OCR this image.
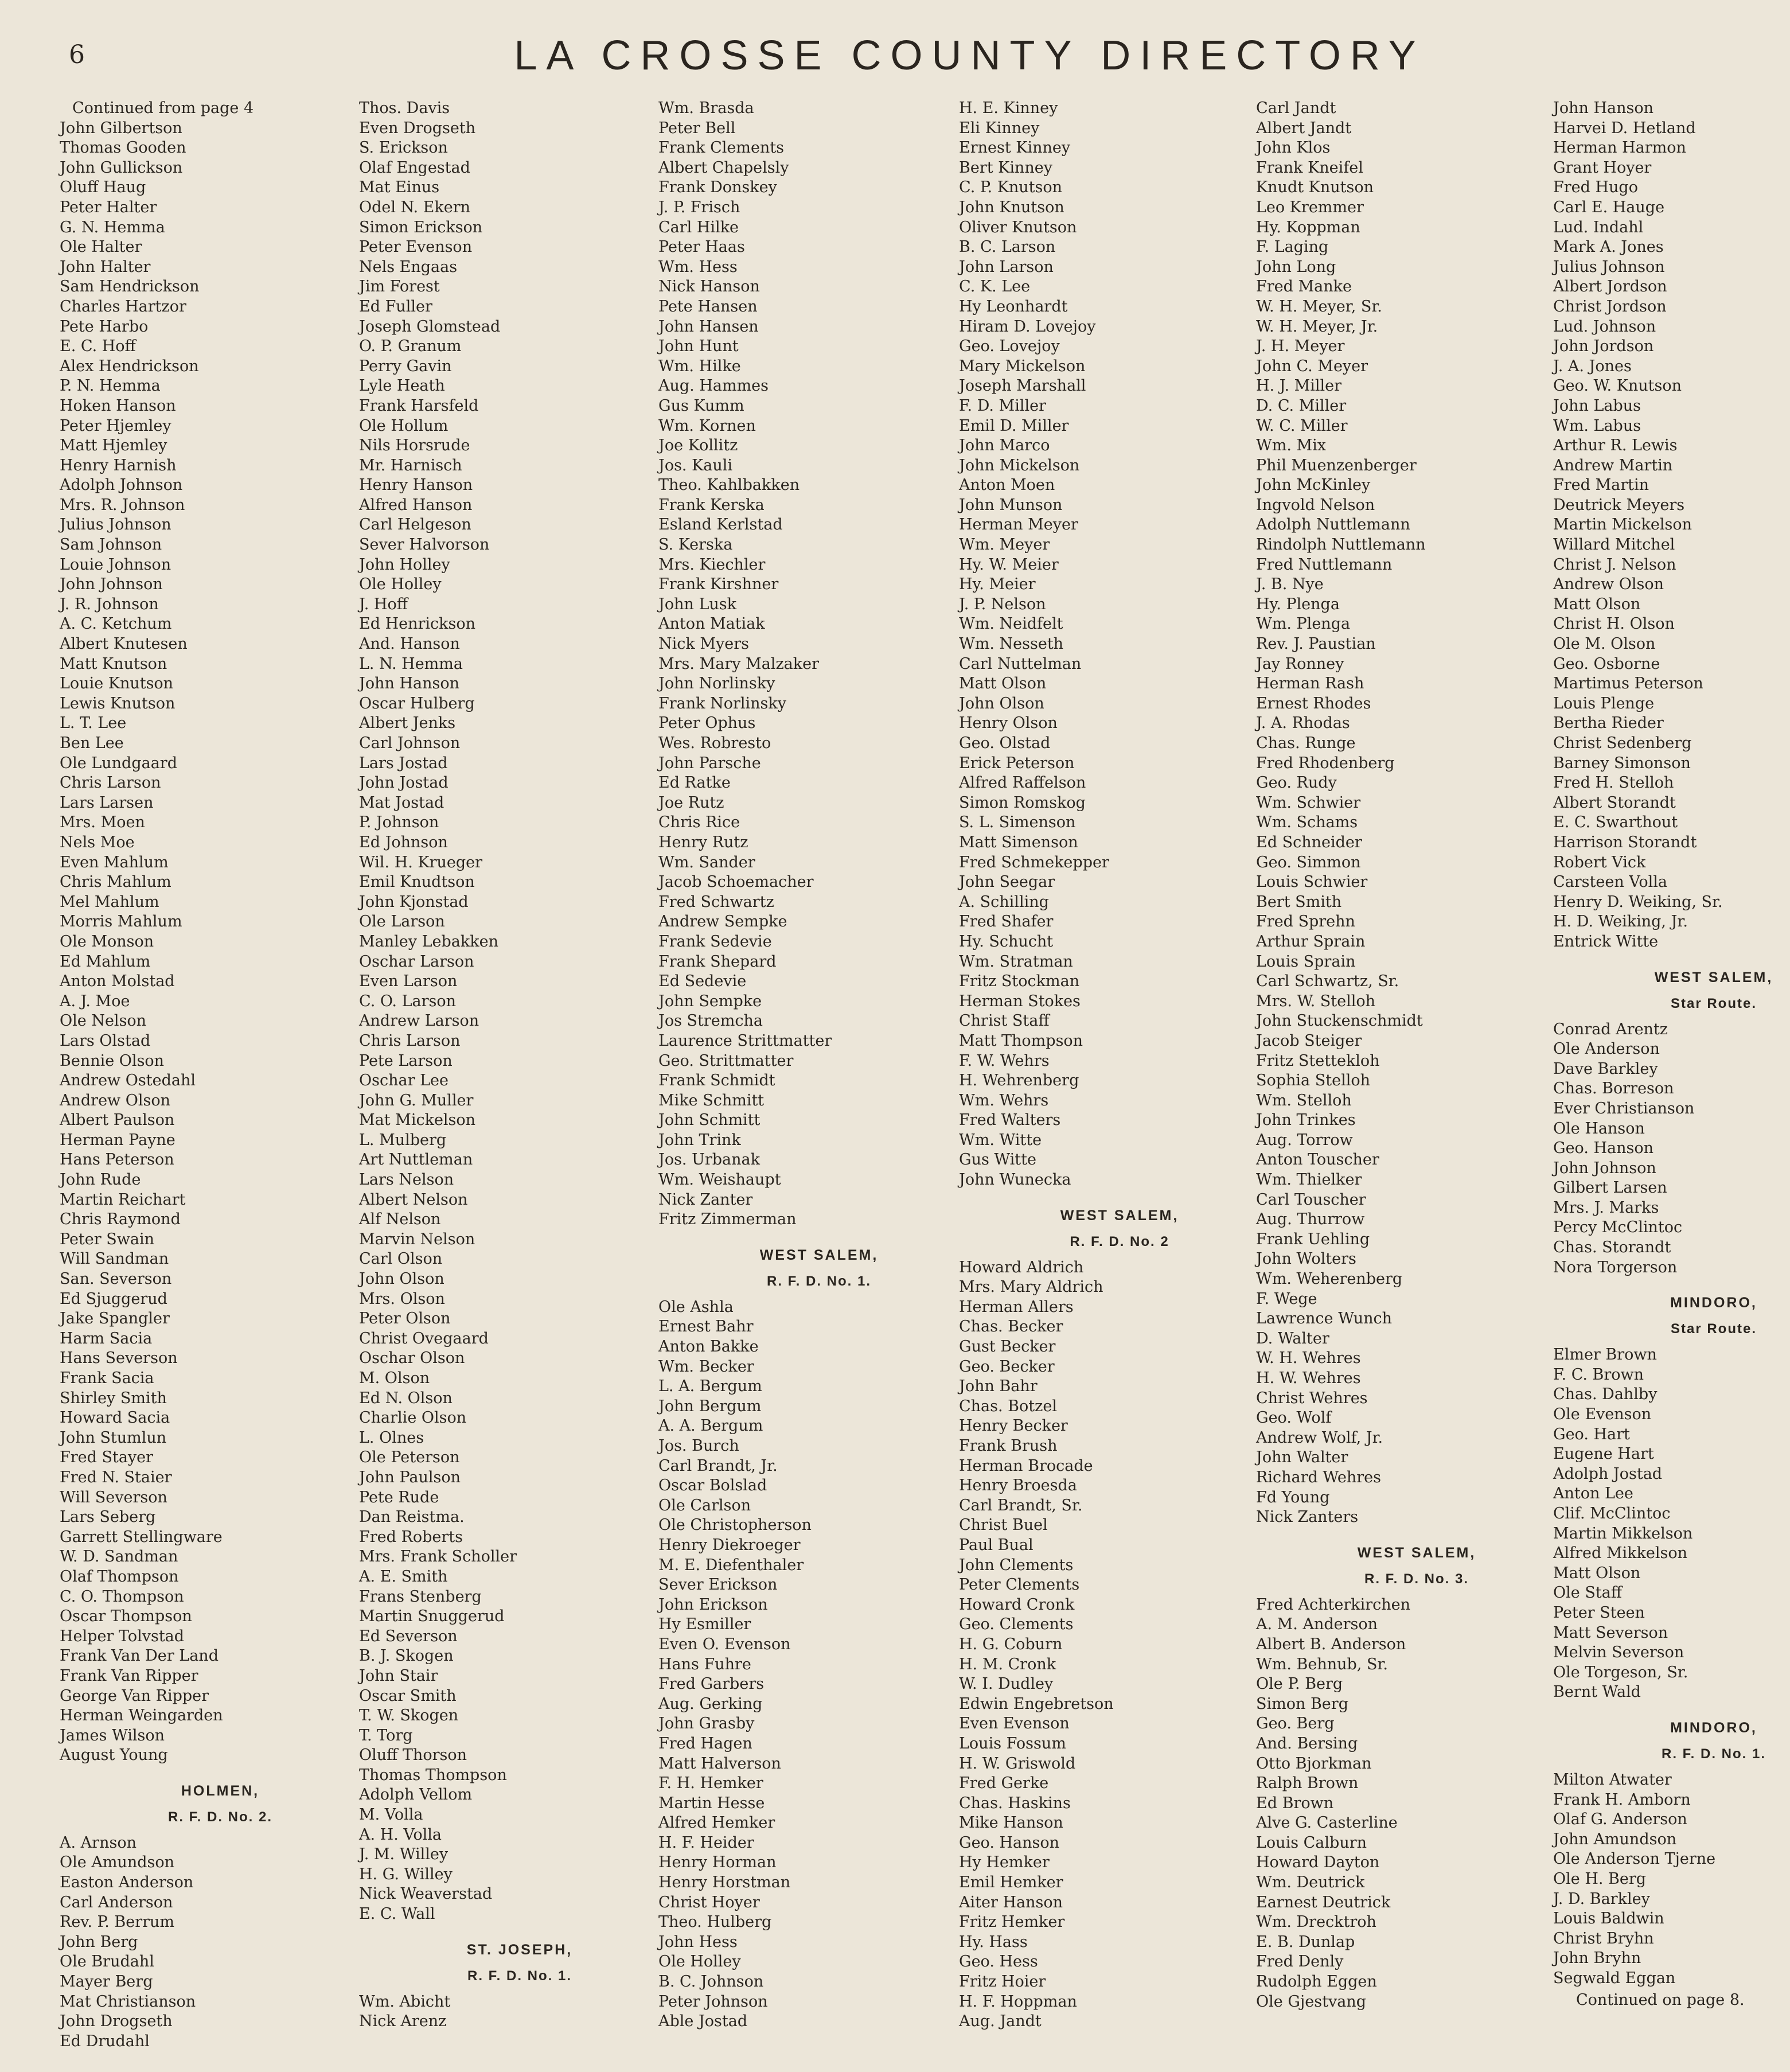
6	LA CROSSE COUNTY DIRECTORY
Continued from page 4
John Gilbertson
Thomas Gooden
John Gullickson
Oluff Haug
Peter Halter
G. N. Hemma
Ole Halter
John Halter
Sam Hendrickson
Charles Hartzor
Pete Harbo
E. C. Hoff
Alex Hendrickson
P. N. Hemma
Hoken Hanson
Peter Hjemley
Matt Hjemley
Henry Harnish
Adolph Johnson
Mrs. R. Johnson
Julius Johnson
Sam Johnson
Louie Johnson
John Johnson
J. R. Johnson
A. C. Ketchum
Albert Knutesen
Matt Knutson
Louie Knutson
Lewis Knutson
L. T. Lee
Ben Lee
Ole Lundgaard
Chris Larson
Lars Larsen
Mrs. Moen
Nels Moe
Even Mahlum
Chris Mahlum
Mel Mahlum
Morris Mahlum
Ole Monson
Ed Mahlum
Anton Molstad
A. J. Moe
Ole Nelson
Lars Olstad
Bennie Olson
Andrew Ostedahl
Andrew Olson
Albert Paulson
Herman Payne
Hans Peterson
John Rude
Martin Reichart
Chris Raymond
Peter Swain
Will Sandman
San. Severson
Ed Sjuggerud
Jake Spangler
Harm Sacia
Hans Severson
Frank Sacia
Shirley Smith
Howard Sacia
John Stumlun
Fred Stayer
Fred N. Staier
Will Severson
Lars Seberg
Garrett Stellingware
W. D. Sandman
Olaf Thompson
C. O. Thompson
Oscar Thompson
Helper Tolvstad
Frank Van Der Land
Frank Van Ripper
George Van Ripper
Herman Weingarden
James Wilson
August Young
HOLMEN,
R. F. D. No. 2.
A. Arnson
Ole Amundson
Easton Anderson
Carl Anderson
Rev. P. Berrum
John Berg
Ole Brudahl
Mayer Berg
Mat Christianson
John Drogseth
Ed Drudahl
Thos. Davis
Even Drogseth
S. Erickson
Olaf Engestad
Mat Einus
Odel N. Ekern
Simon Erickson
Peter Evenson
Nels Engaas
Jim Forest
Ed Fuller
Joseph Glomstead
O. P. Granum
Perry Gavin
Lyle Heath
Frank Harsfeld
Ole Hollum
Nils Horsrude
Mr. Harnisch
Henry Hanson
Alfred Hanson
Carl Helgeson
Sever Halvorson
John Holley
Ole Holley
J. Hoff
Ed Henrickson
And. Hanson
L. N. Hemma
John Hanson
Oscar Hulberg
Albert Jenks
Carl Johnson
Lars Jostad
John Jostad
Mat Jostad
P. Johnson
Ed Johnson
Wil. H. Krueger
Emil Knudtson
John Kjonstad
Ole Larson
Manley Lebakken
Oschar Larson
Even Larson
C. O. Larson
Andrew Larson
Chris Larson
Pete Larson
Oschar Lee
John G. Muller
Mat Mickelson
L. Mulberg
Art Nuttleman
Lars Nelson
Albert Nelson
Alf Nelson
Marvin Nelson
Carl Olson
John Olson
Mrs. Olson
Peter Olson
Christ Ovegaard
Oschar Olson
M. Olson
Ed N. Olson
Charlie Olson
L. Olnes
Ole Peterson
John Paulson
Pete Rude
Dan Reistma.
Fred Roberts
Mrs. Frank Scholler
A. E. Smith
Frans Stenberg
Martin Snuggerud
Ed Severson
B. J. Skogen
John Stair
Oscar Smith
T. W. Skogen
T. Torg
Oluff Thorson
Thomas Thompson
Adolph Vellom
M. Volla
A. H. Volla
J. M. Willey
H. G. Willey
Nick Weaverstad
E. C. Wall
ST. JOSEPH,
R. F. D. No. 1.
Wm. Abicht
Nick Arenz
Wm. Brasda
Peter Bell
Frank Clements
Albert Chapelsly
Frank Donskey
J. P. Frisch
Carl Hilke
Peter Haas
Wm. Hess
Nick Hanson
Pete Hansen
John Hansen
John Hunt
Wm. Hilke
Aug. Hammes
Gus Kumm
Wm. Kornen
Joe Kollitz
Jos. Kauli
Theo. Kahlbakken
Frank Kerska
Esland Kerlstad
S. Kerska
Mrs. Kiechler
Frank Kirshner
John Lusk
Anton Matiak
Nick Myers
Mrs. Mary Malzaker
John Norlinsky
Frank Norlinsky
Peter Ophus
Wes. Robresto
John Parsche
Ed Ratke
Joe Rutz
Chris Rice
Henry Rutz
Wm. Sander
Jacob Schoemacher
Fred Schwartz
Andrew Sempke
Frank Sedevie
Frank Shepard
Ed Sedevie
John Sempke
Jos Stremcha
Laurence Strittmatter
Geo. Strittmatter
Frank Schmidt
Mike Schmitt
John Schmitt
John Trink
Jos. Urbanak
Wm. Weishaupt
Nick Zanter
Fritz Zimmerman
WEST SALEM,
R. F. D. No. 1.
Ole Ashla
Ernest Bahr
Anton Bakke
Wm. Becker
L. A. Bergum
John Bergum
A. A. Bergum
Jos. Burch
Carl Brandt, Jr.
Oscar Bolslad
Ole Carlson
Ole Christopherson
Henry Diekroeger
M. E. Diefenthaler
Sever Erickson
John Erickson
Hy Esmiller
Even O. Evenson
Hans Fuhre
Fred Garbers
Aug. Gerking
John Grasby
Fred Hagen
Matt Halverson
F. H. Hemker
Martin Hesse
Alfred Hemker
H. F. Heider
Henry Horman
Henry Horstman
Christ Hoyer
Theo. Hulberg
John Hess
Ole Holley
B. C. Johnson
Peter Johnson
Able Jostad
H. E. Kinney
Eli Kinney
Ernest Kinney
Bert Kinney
C. P. Knutson
John Knutson
Oliver Knutson
B. C. Larson
John Larson
C. K. Lee
Hy Leonhardt
Hiram D. Lovejoy
Geo. Lovejoy
Mary Mickelson
Joseph Marshall
F. D. Miller
Emil D. Miller
John Marco
John Mickelson
Anton Moen
John Munson
Herman Meyer
Wm. Meyer
Hy. W. Meier
Hy. Meier
J. P. Nelson
Wm. Neidfelt
Wm. Nesseth
Carl Nuttelman
Matt Olson
John Olson
Henry Olson
Geo. Olstad
Erick Peterson
Alfred Raffelson
Simon Romskog
S. L. Simenson
Matt Simenson
Fred Schmekepper
John Seegar
A. Schilling
Fred Shafer
Hy. Schucht
Wm. Stratman
Fritz Stockman
Herman Stokes
Christ Staff
Matt Thompson
F. W. Wehrs
H. Wehrenberg
Wm. Wehrs
Fred Walters
Wm. Witte
Gus Witte
John Wunecka
WEST SALEM,
R. F. D. No. 2
Howard Aldrich
Mrs. Mary Aldrich
Herman Allers
Chas. Becker
Gust Becker
Geo. Becker
John Bahr
Chas. Botzel
Henry Becker
Frank Brush
Herman Brocade
Henry Broesda
Carl Brandt, Sr.
Christ Buel
Paul Bual
John Clements
Peter Clements
Howard Cronk
Geo. Clements
H. G. Coburn
H. M. Cronk
W. I. Dudley
Edwin Engebretson
Even Evenson
Louis Fossum
H. W. Griswold
Fred Gerke
Chas. Haskins
Mike Hanson
Geo. Hanson
Hy Hemker
Emil Hemker
Aiter Hanson
Fritz Hemker
Hy. Hass
Geo. Hess
Fritz Hoier
H. F. Hoppman
Aug. Jandt
Carl Jandt
Albert Jandt
John Klos
Frank Kneifel
Knudt Knutson
Leo Kremmer
Hy. Koppman
F. Laging
John Long
Fred Manke
W. H. Meyer, Sr.
W. H. Meyer, Jr.
J. H. Meyer
John C. Meyer
H. J. Miller
D. C. Miller
W. C. Miller
Wm. Mix
Phil Muenzenberger
John McKinley
Ingvold Nelson
Adolph Nuttlemann
Rindolph Nuttlemann
Fred Nuttlemann
J. B. Nye
Hy. Plenga
Wm. Plenga
Rev. J. Paustian
Jay Ronney
Herman Rash
Ernest Rhodes
J. A. Rhodas
Chas. Runge
Fred Rhodenberg
Geo. Rudy
Wm. Schwier
Wm. Schams
Ed Schneider
Geo. Simmon
Louis Schwier
Bert Smith
Fred Sprehn
Arthur Sprain
Louis Sprain
Carl Schwartz, Sr.
Mrs. W. Stelloh
John Stuckenschmidt
Jacob Steiger
Fritz Stettekloh
Sophia Stelloh
Wm. Stelloh
John Trinkes
Aug. Torrow
Anton Touscher
Wm. Thielker
Carl Touscher
Aug. Thurrow
Frank Uehling
John Wolters
Wm. Weherenberg
F. Wege
Lawrence Wunch
D. Walter
W. H. Wehres
H. W. Wehres
Christ Wehres
Geo. Wolf
Andrew Wolf, Jr.
John Walter
Richard Wehres
Fd Young
Nick Zanters
WEST SALEM,
R. F. D. No. 3.
Fred Achterkirchen
A. M. Anderson
Albert B. Anderson
Wm. Behnub, Sr.
Ole P. Berg
Simon Berg
Geo. Berg
And. Bersing
Otto Bjorkman
Ralph Brown
Ed Brown
Alve G. Casterline
Louis Calburn
Howard Dayton
Wm. Deutrick
Earnest Deutrick
Wm. Drecktroh
E. B. Dunlap
Fred Denly
Rudolph Eggen
Ole Gjestvang
John Hanson
Harvei D. Hetland
Herman Harmon
Grant Hoyer
Fred Hugo
Carl E. Hauge
Lud. Indahl
Mark A. Jones
Julius Johnson
Albert Jordson
Christ Jordson
Lud. Johnson
John Jordson
J. A. Jones
Geo. W. Knutson
John Labus
Wm. Labus
Arthur R. Lewis
Andrew Martin
Fred Martin
Deutrick Meyers
Martin Mickelson
Willard Mitchel
Christ J. Nelson
Andrew Olson
Matt Olson
Christ H. Olson
Ole M. Olson
Geo. Osborne
Martimus Peterson
Louis Plenge
Bertha Rieder
Christ Sedenberg
Barney Simonson
Fred H. Stelloh
Albert Storandt
E. C. Swarthout
Harrison Storandt
Robert Vick
Carsteen Volla
Henry D. Weiking, Sr.
H. D. Weiking, Jr.
Entrick Witte
WEST SALEM,
Star Route.
Conrad Arentz
Ole Anderson
Dave Barkley
Chas. Borreson
Ever Christianson
Ole Hanson
Geo. Hanson
John Johnson
Gilbert Larsen
Mrs. J. Marks
Percy McClintoc
Chas. Storandt
Nora Torgerson
MINDORO,
Star Route.
Elmer Brown
F. C. Brown
Chas. Dahlby
Ole Evenson
Geo. Hart
Eugene Hart
Adolph Jostad
Anton Lee
Clif. McClintoc
Martin Mikkelson
Alfred Mikkelson
Matt Olson
Ole Staff
Peter Steen
Matt Severson
Melvin Severson
Ole Torgeson, Sr.
Bernt Wald
MINDORO,
R. F. D. No. 1.
Milton Atwater
Frank H. Amborn
Olaf G. Anderson
John Amundson
Ole Anderson Tjerne
Ole H. Berg
J. D. Barkley
Louis Baldwin
Christ Bryhn
John Bryhn
Segwald Eggan
Continued on page 8.
